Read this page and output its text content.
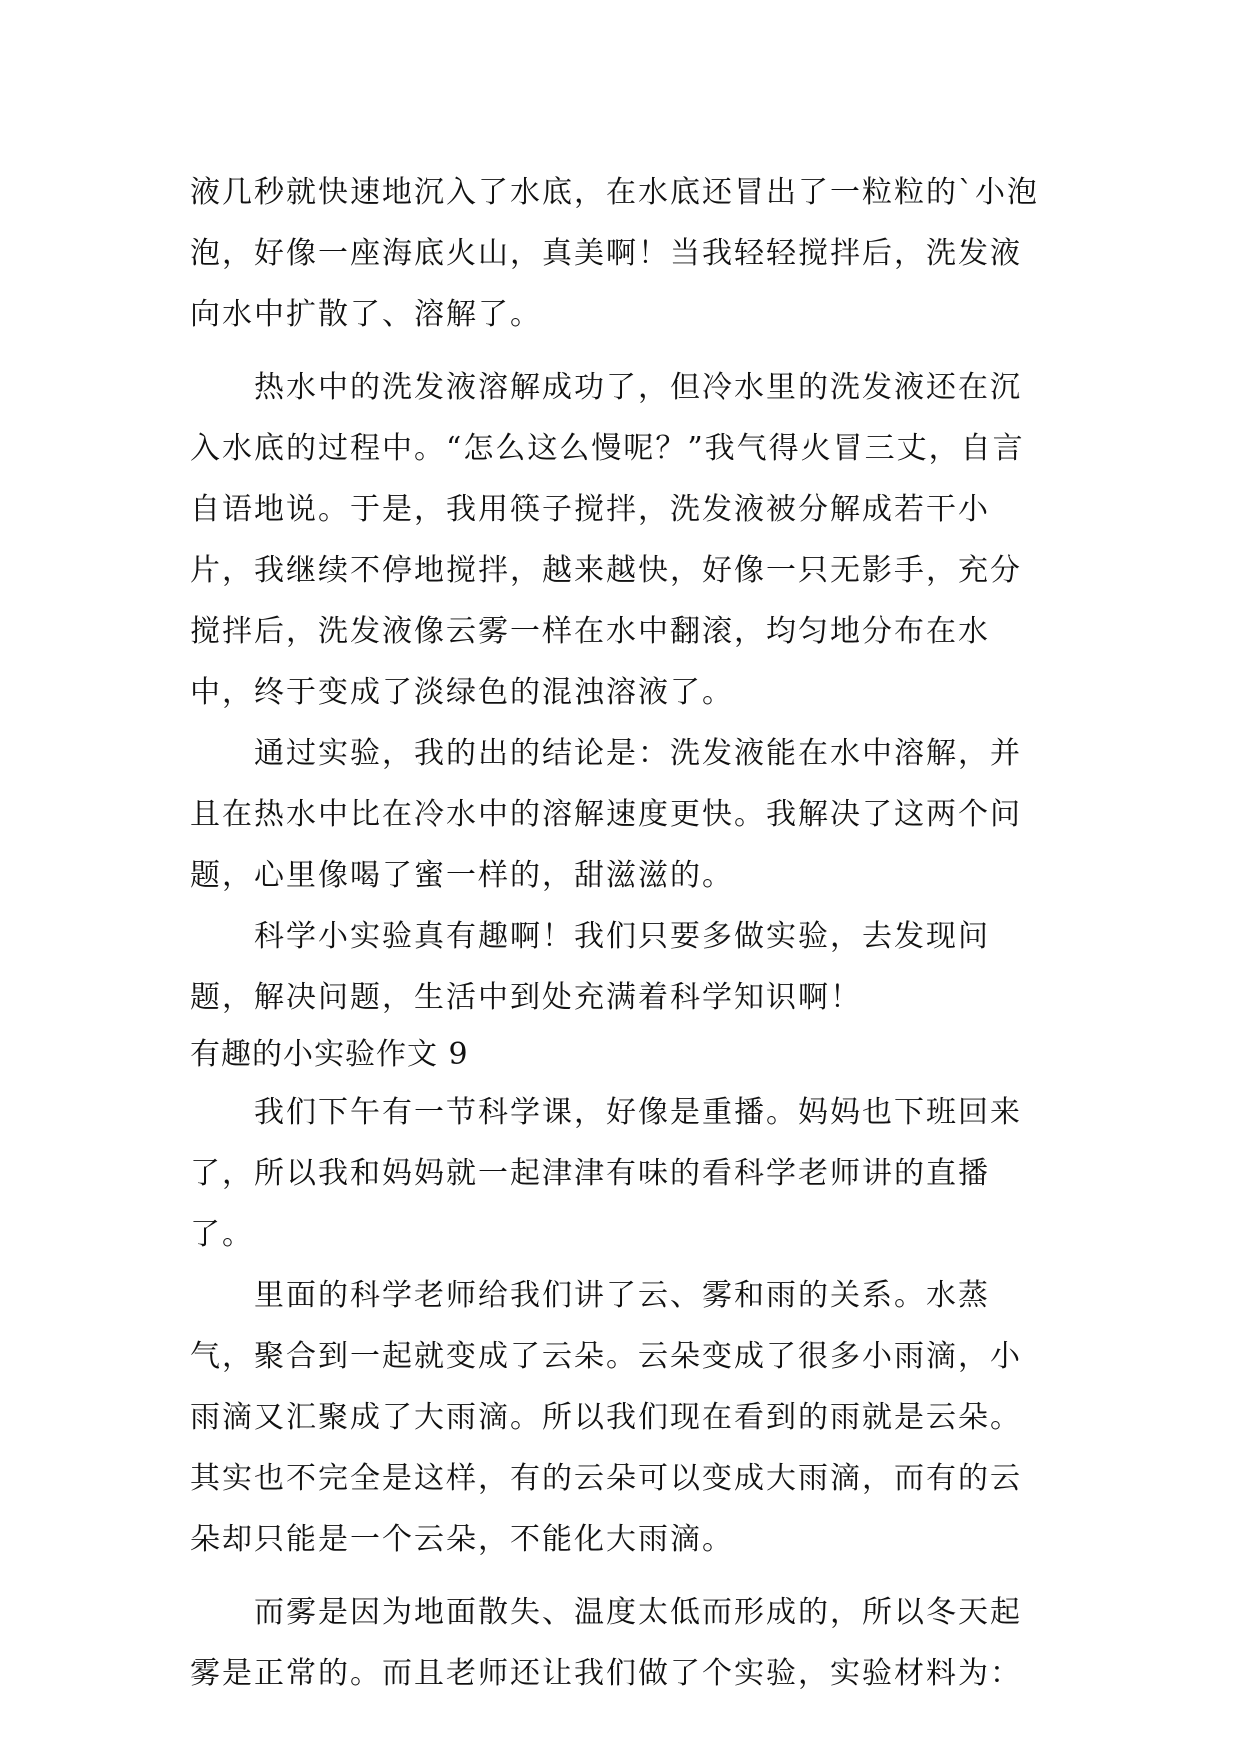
液几秒就快速地沉入了水底，在水底还冒出了一粒粒的`小泡泡，好像一座海底火山，真美啊！当我轻轻搅拌后，洗发液向水中扩散了、溶解了。

热水中的洗发液溶解成功了，但冷水里的洗发液还在沉入水底的过程中。“怎么这么慢呢？”我气得火冒三丈，自言自语地说。于是，我用筷子搅拌，洗发液被分解成若干小片，我继续不停地搅拌，越来越快，好像一只无影手，充分搅拌后，洗发液像云雾一样在水中翻滚，均匀地分布在水中，终于变成了淡绿色的混浊溶液了。

通过实验，我的出的结论是：洗发液能在水中溶解，并且在热水中比在冷水中的溶解速度更快。我解决了这两个问题，心里像喝了蜜一样的，甜滋滋的。

科学小实验真有趣啊！我们只要多做实验，去发现问题，解决问题，生活中到处充满着科学知识啊！

有趣的小实验作文 9

我们下午有一节科学课，好像是重播。妈妈也下班回来了，所以我和妈妈就一起津津有味的看科学老师讲的直播了。

里面的科学老师给我们讲了云、雾和雨的关系。水蒸气，聚合到一起就变成了云朵。云朵变成了很多小雨滴，小雨滴又汇聚成了大雨滴。所以我们现在看到的雨就是云朵。其实也不完全是这样，有的云朵可以变成大雨滴，而有的云朵却只能是一个云朵，不能化大雨滴。

而雾是因为地面散失、温度太低而形成的，所以冬天起雾是正常的。而且老师还让我们做了个实验，实验材料为：
